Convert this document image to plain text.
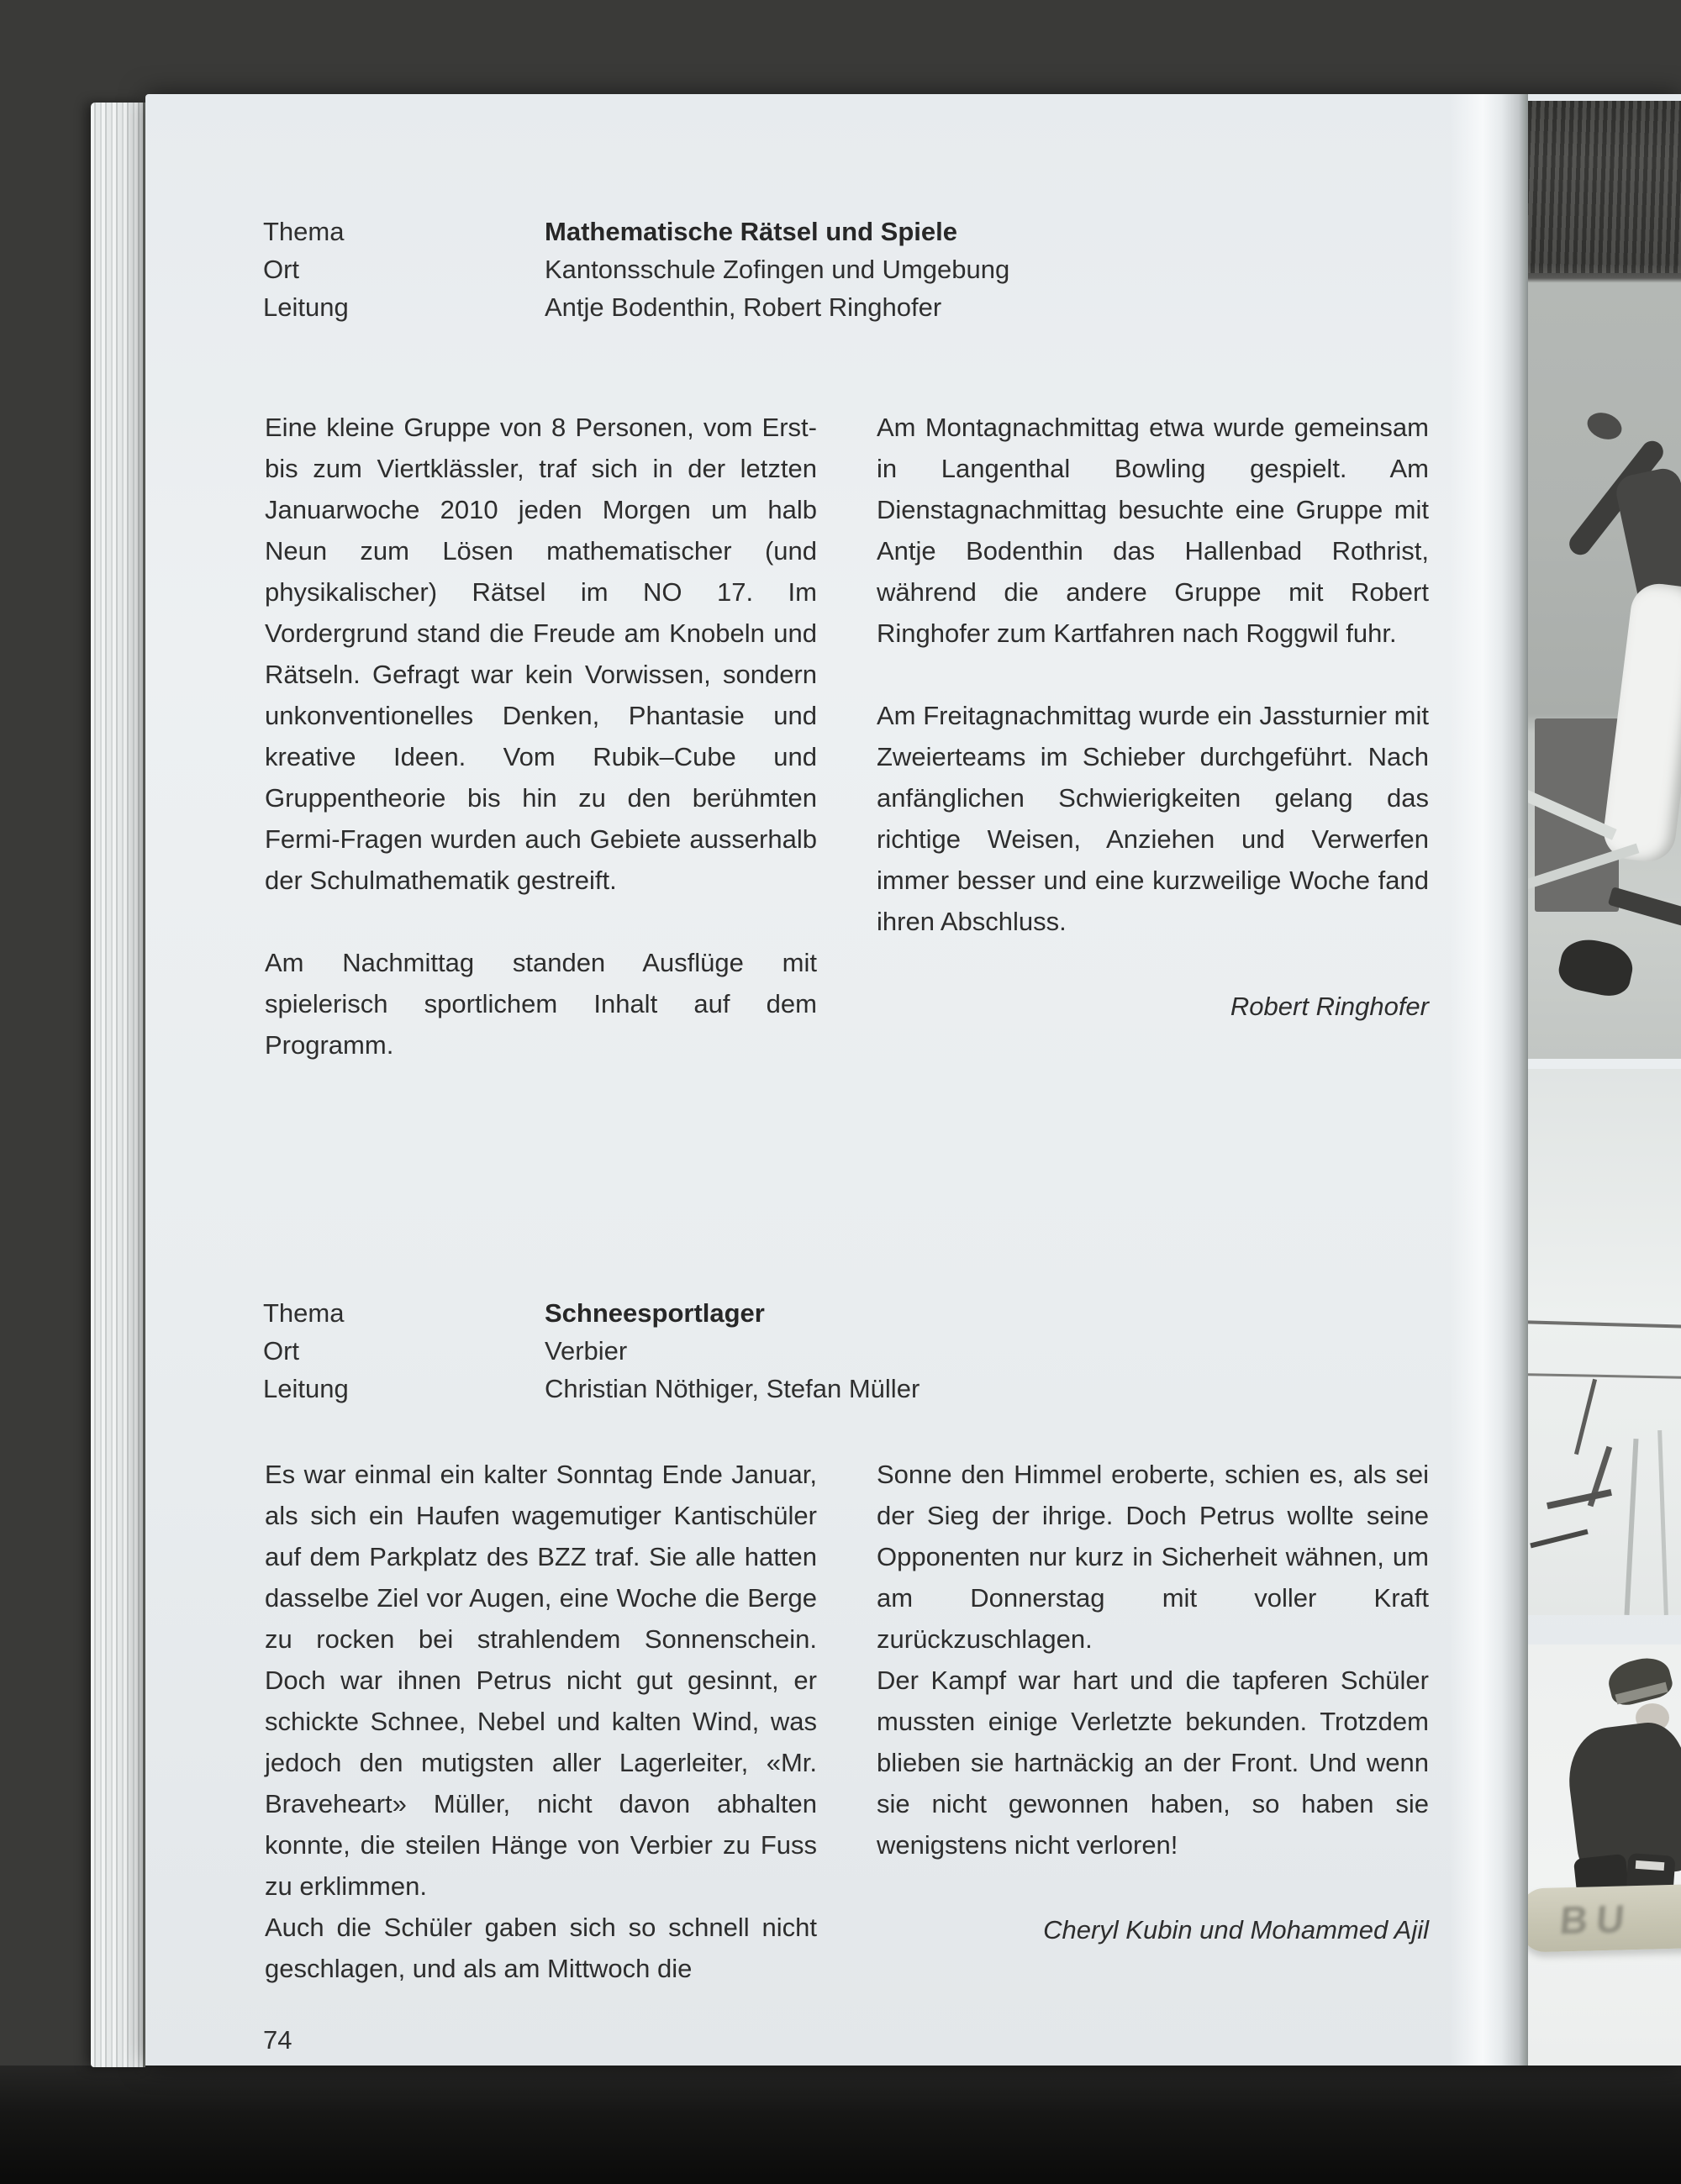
Thema	Mathematische Rätsel und Spiele
Ort	Kantonsschule Zofingen und Umgebung
Leitung	Antje Bodenthin, Robert Ringhofer

Eine kleine Gruppe von 8 Personen, vom Erst- bis zum Viertklässler, traf sich in der letzten Januarwoche 2010 jeden Morgen um halb Neun zum Lösen mathematischer (und physikalischer) Rätsel im NO 17. Im Vordergrund stand die Freude am Knobeln und Rätseln. Gefragt war kein Vorwissen, sondern unkonventionelles Denken, Phantasie und kreative Ideen. Vom Rubik–Cube und Gruppentheorie bis hin zu den berühmten Fermi-Fragen wurden auch Gebiete ausserhalb der Schulmathematik gestreift.

Am Nachmittag standen Ausflüge mit spielerisch sportlichem Inhalt auf dem Programm.

Am Montagnachmittag etwa wurde gemeinsam in Langenthal Bowling gespielt. Am Dienstagnachmittag besuchte eine Gruppe mit Antje Bodenthin das Hallenbad Rothrist, während die andere Gruppe mit Robert Ringhofer zum Kartfahren nach Roggwil fuhr.

Am Freitagnachmittag wurde ein Jassturnier mit Zweierteams im Schieber durchgeführt. Nach anfänglichen Schwierigkeiten gelang das richtige Weisen, Anziehen und Verwerfen immer besser und eine kurzweilige Woche fand ihren Abschluss.

Robert Ringhofer
Thema	Schneesportlager
Ort	Verbier
Leitung	Christian Nöthiger, Stefan Müller

Es war einmal ein kalter Sonntag Ende Januar, als sich ein Haufen wagemutiger Kantischüler auf dem Parkplatz des BZZ traf. Sie alle hatten dasselbe Ziel vor Augen, eine Woche die Berge zu rocken bei strahlendem Sonnenschein. Doch war ihnen Petrus nicht gut gesinnt, er schickte Schnee, Nebel und kalten Wind, was jedoch den mutigsten aller Lagerleiter, «Mr. Braveheart» Müller, nicht davon abhalten konnte, die steilen Hänge von Verbier zu Fuss zu erklimmen.

Auch die Schüler gaben sich so schnell nicht geschlagen, und als am Mittwoch die

Sonne den Himmel eroberte, schien es, als sei der Sieg der ihrige. Doch Petrus wollte seine Opponenten nur kurz in Sicherheit wähnen, um am Donnerstag mit voller Kraft zurückzuschlagen.

Der Kampf war hart und die tapferen Schüler mussten einige Verletzte bekunden. Trotzdem blieben sie hartnäckig an der Front. Und wenn sie nicht gewonnen haben, so haben sie wenigstens nicht verloren!

Cheryl Kubin und Mohammed Ajil
74
BU
